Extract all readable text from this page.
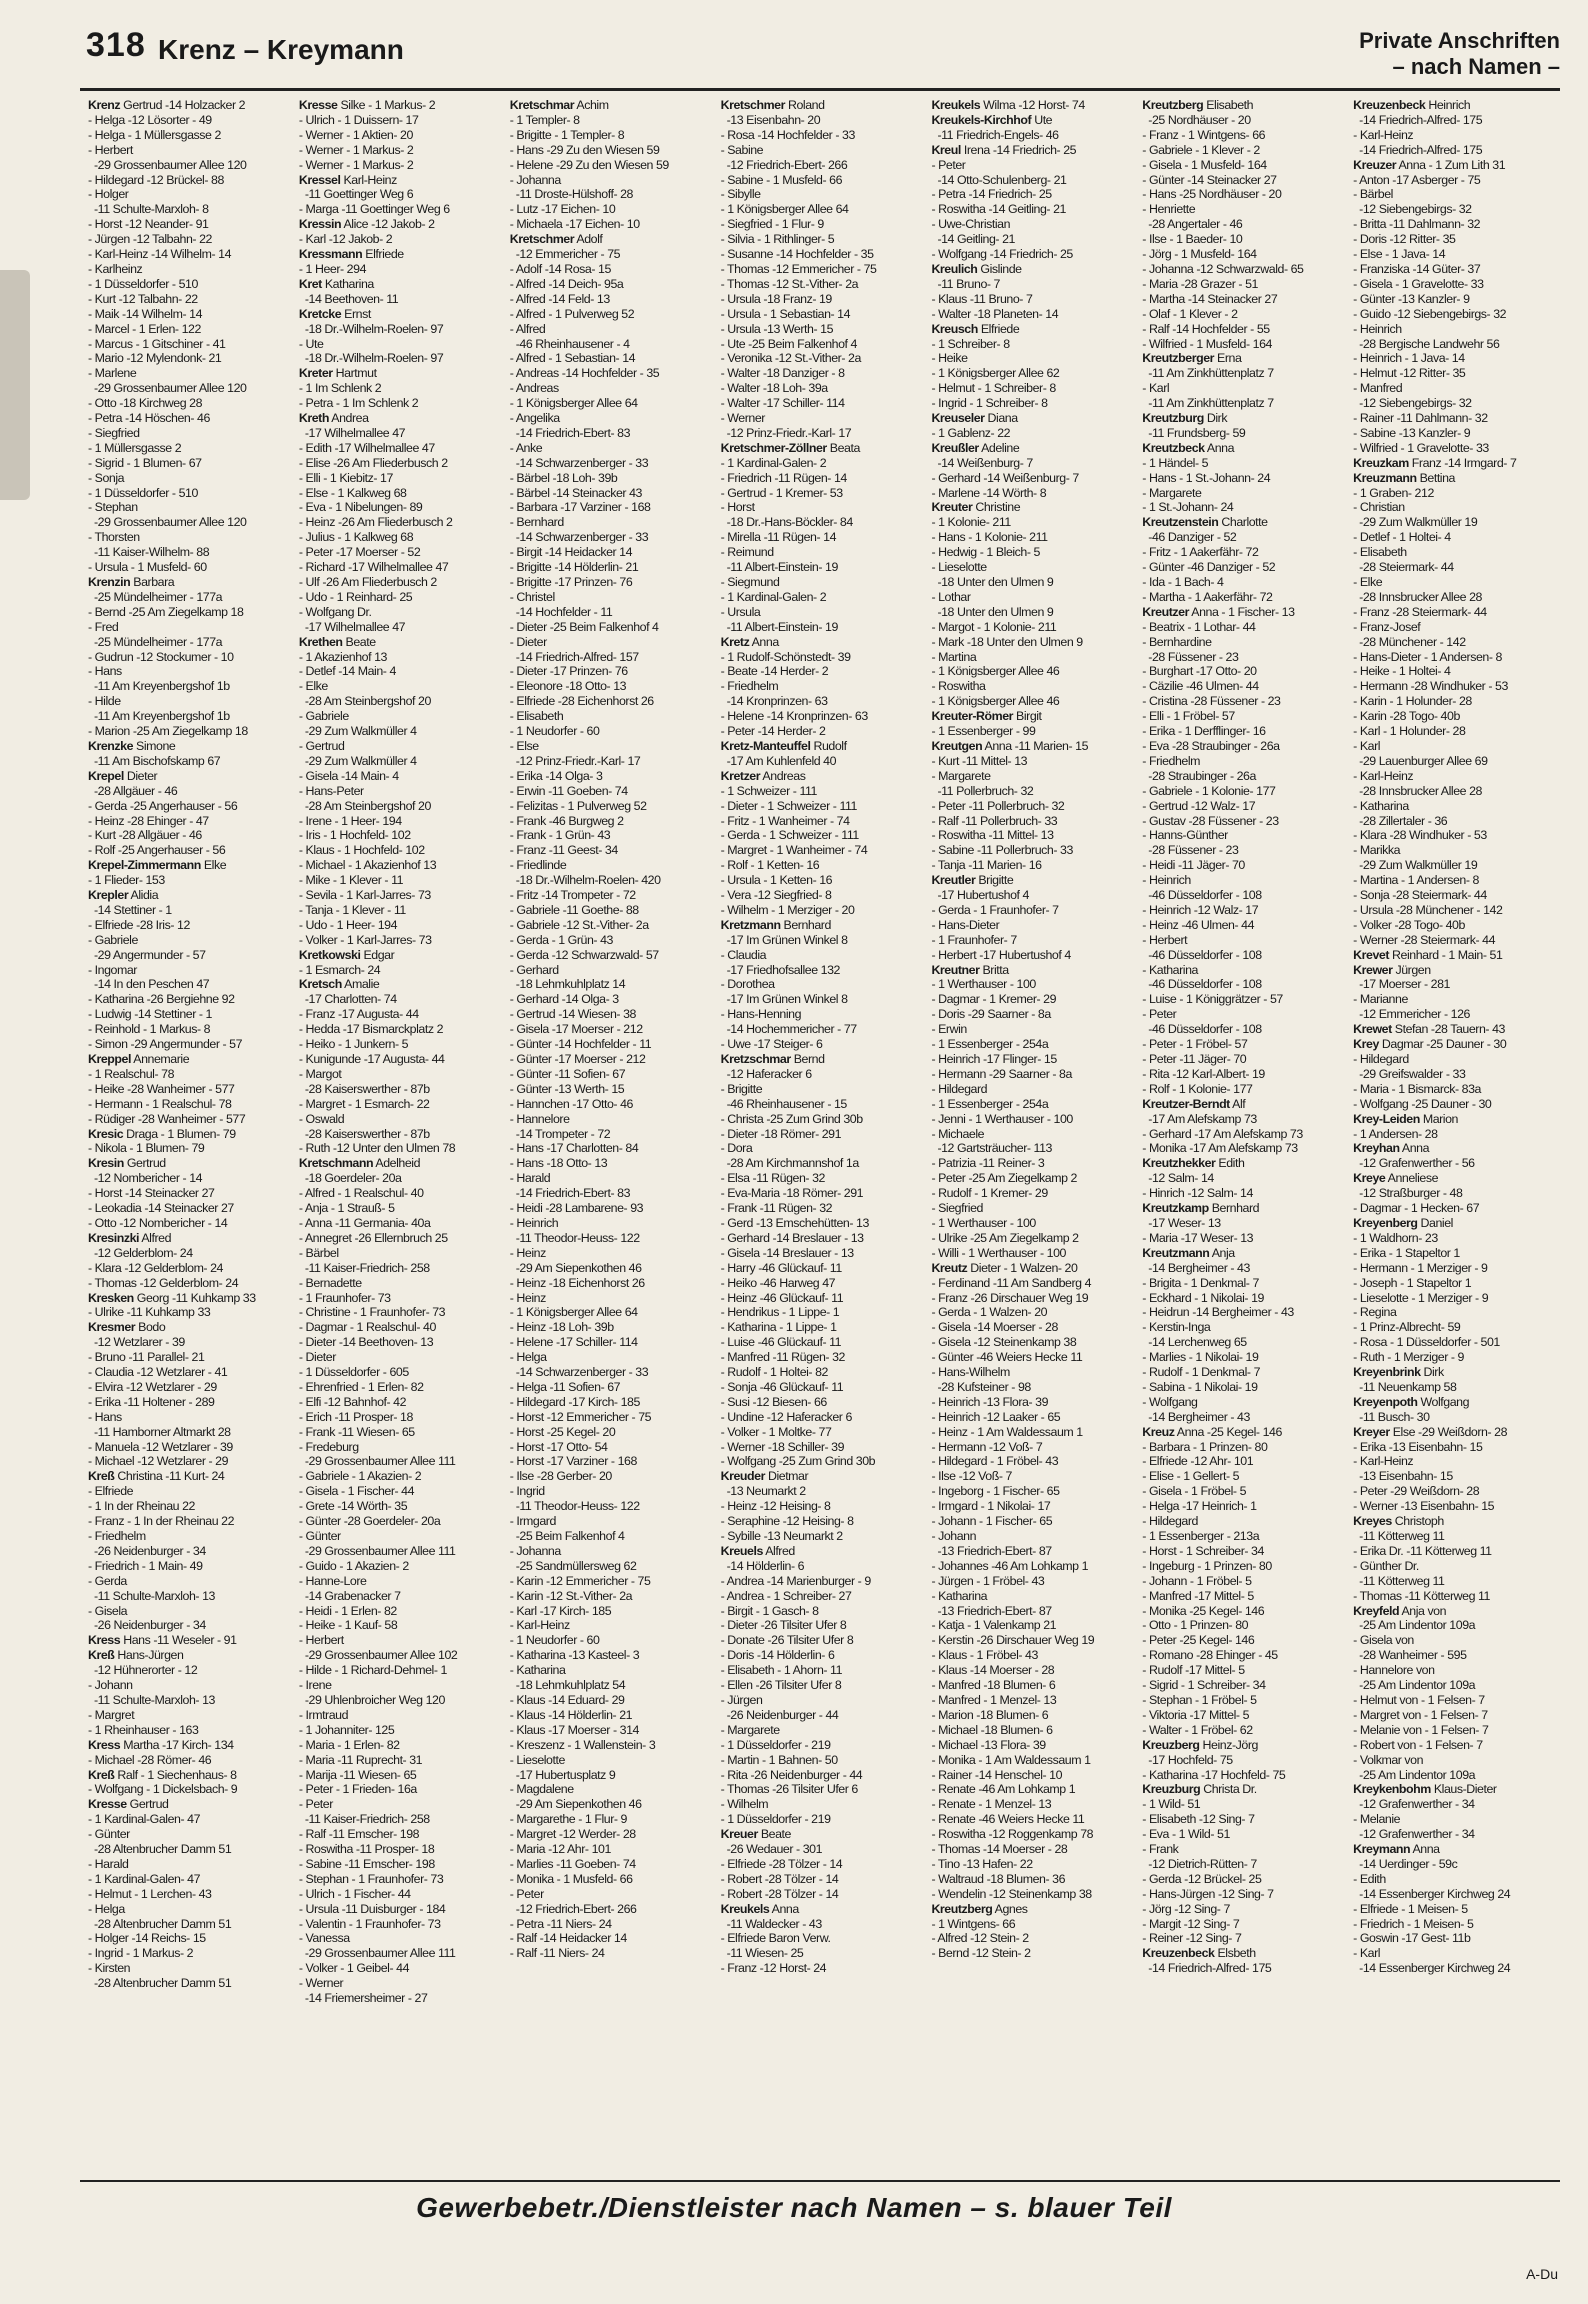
318 Krenz – Kreymann	Private Anschriften
– nach Namen –
Krenz Gertrud -14 Holzacker 2
- Helga -12 Lösorter - 49
- Helga - 1 Müllersgasse 2
- Herbert
-29 Grossenbaumer Allee 120
- Hildegard -12 Brückel- 88
- Holger
-11 Schulte-Marxloh- 8
- Horst -12 Neander- 91
- Jürgen -12 Talbahn- 22
- Karl-Heinz -14 Wilhelm- 14
- Karlheinz
- 1 Düsseldorfer - 510
- Kurt -12 Talbahn- 22
- Maik -14 Wilhelm- 14
- Marcel - 1 Erlen- 122
- Marcus - 1 Gitschiner - 41
- Mario -12 Mylendonk- 21
- Marlene
-29 Grossenbaumer Allee 120
- Otto -18 Kirchweg 28
- Petra -14 Höschen- 46
- Siegfried
- 1 Müllersgasse 2
- Sigrid - 1 Blumen- 67
- Sonja
- 1 Düsseldorfer - 510
- Stephan
-29 Grossenbaumer Allee 120
- Thorsten
-11 Kaiser-Wilhelm- 88
- Ursula - 1 Musfeld- 60
Krenzin Barbara
-25 Mündelheimer - 177a
- Bernd -25 Am Ziegelkamp 18
- Fred
-25 Mündelheimer - 177a
- Gudrun -12 Stockumer - 10
- Hans
-11 Am Kreyenbergshof 1b
- Hilde
-11 Am Kreyenbergshof 1b
- Marion -25 Am Ziegelkamp 18
Krenzke Simone
-11 Am Bischofskamp 67
Krepel Dieter
-28 Allgäuer - 46
- Gerda -25 Angerhauser - 56
- Heinz -28 Ehinger - 47
- Kurt -28 Allgäuer - 46
- Rolf -25 Angerhauser - 56
Krepel-Zimmermann Elke
- 1 Flieder- 153
Krepler Alidia
-14 Stettiner - 1
- Elfriede -28 Iris- 12
- Gabriele
-29 Angermunder - 57
- Ingomar
-14 In den Peschen 47
- Katharina -26 Bergiehne 92
- Ludwig -14 Stettiner - 1
- Reinhold - 1 Markus- 8
- Simon -29 Angermunder - 57
Kreppel Annemarie
- 1 Realschul- 78
- Heike -28 Wanheimer - 577
- Hermann - 1 Realschul- 78
- Rüdiger -28 Wanheimer - 577
Kresic Draga - 1 Blumen- 79
- Nikola - 1 Blumen- 79
Kresin Gertrud
-12 Nombericher - 14
- Horst -14 Steinacker 27
- Leokadia -14 Steinacker 27
- Otto -12 Nombericher - 14
Kresinzki Alfred
-12 Gelderblom- 24
- Klara -12 Gelderblom- 24
- Thomas -12 Gelderblom- 24
Kresken Georg -11 Kuhkamp 33
- Ulrike -11 Kuhkamp 33
Kresmer Bodo
-12 Wetzlarer - 39
- Bruno -11 Parallel- 21
- Claudia -12 Wetzlarer - 41
- Elvira -12 Wetzlarer - 29
- Erika -11 Holtener - 289
- Hans
-11 Hamborner Altmarkt 28
- Manuela -12 Wetzlarer - 39
- Michael -12 Wetzlarer - 29
Kreß Christina -11 Kurt- 24
- Elfriede
- 1 In der Rheinau 22
- Franz - 1 In der Rheinau 22
- Friedhelm
-26 Neidenburger - 34
- Friedrich - 1 Main- 49
- Gerda
-11 Schulte-Marxloh- 13
- Gisela
-26 Neidenburger - 34
Kress Hans -11 Weseler - 91
Kreß Hans-Jürgen
-12 Hühnerorter - 12
- Johann
-11 Schulte-Marxloh- 13
- Margret
- 1 Rheinhauser - 163
Kress Martha -17 Kirch- 134
- Michael -28 Römer- 46
Kreß Ralf - 1 Siechenhaus- 8
- Wolfgang - 1 Dickelsbach- 9
Kresse Gertrud
- 1 Kardinal-Galen- 47
- Günter
-28 Altenbrucher Damm 51
- Harald
- 1 Kardinal-Galen- 47
- Helmut - 1 Lerchen- 43
- Helga
-28 Altenbrucher Damm 51
- Holger -14 Reichs- 15
- Ingrid - 1 Markus- 2
- Kirsten
-28 Altenbrucher Damm 51
Kresse Silke - 1 Markus- 2
- Ulrich - 1 Duissern- 17
- Werner - 1 Aktien- 20
- Werner - 1 Markus- 2
- Werner - 1 Markus- 2
Kressel Karl-Heinz
-11 Goettinger Weg 6
- Marga -11 Goettinger Weg 6
Kressin Alice -12 Jakob- 2
- Karl -12 Jakob- 2
Kressmann Elfriede
- 1 Heer- 294
Kret Katharina
-14 Beethoven- 11
Kretcke Ernst
-18 Dr.-Wilhelm-Roelen- 97
- Ute
-18 Dr.-Wilhelm-Roelen- 97
Kreter Hartmut
- 1 Im Schlenk 2
- Petra - 1 Im Schlenk 2
Kreth Andrea
-17 Wilhelmallee 47
- Edith -17 Wilhelmallee 47
- Elise -26 Am Fliederbusch 2
- Elli - 1 Kiebitz- 17
- Else - 1 Kalkweg 68
- Eva - 1 Nibelungen- 89
- Heinz -26 Am Fliederbusch 2
- Julius - 1 Kalkweg 68
- Peter -17 Moerser - 52
- Richard -17 Wilhelmallee 47
- Ulf -26 Am Fliederbusch 2
- Udo - 1 Reinhard- 25
- Wolfgang Dr.
-17 Wilhelmallee 47
Krethen Beate
- 1 Akazienhof 13
- Detlef -14 Main- 4
- Elke
-28 Am Steinbergshof 20
- Gabriele
-29 Zum Walkmüller 4
- Gertrud
-29 Zum Walkmüller 4
- Gisela -14 Main- 4
- Hans-Peter
-28 Am Steinbergshof 20
- Irene - 1 Heer- 194
- Iris - 1 Hochfeld- 102
- Klaus - 1 Hochfeld- 102
- Michael - 1 Akazienhof 13
- Mike - 1 Klever - 11
- Sevila - 1 Karl-Jarres- 73
- Tanja - 1 Klever - 11
- Udo - 1 Heer- 194
- Volker - 1 Karl-Jarres- 73
Kretkowski Edgar
- 1 Esmarch- 24
Kretsch Amalie
-17 Charlotten- 74
- Franz -17 Augusta- 44
- Hedda -17 Bismarckplatz 2
- Heiko - 1 Junkern- 5
- Kunigunde -17 Augusta- 44
- Margot
-28 Kaiserswerther - 87b
- Margret - 1 Esmarch- 22
- Oswald
-28 Kaiserswerther - 87b
- Ruth -12 Unter den Ulmen 78
Kretschmann Adelheid
-18 Goerdeler- 20a
- Alfred - 1 Realschul- 40
- Anja - 1 Strauß- 5
- Anna -11 Germania- 40a
- Annegret -26 Ellernbruch 25
- Bärbel
-11 Kaiser-Friedrich- 258
- Bernadette
- 1 Fraunhofer- 73
- Christine - 1 Fraunhofer- 73
- Dagmar - 1 Realschul- 40
- Dieter -14 Beethoven- 13
- Dieter
- 1 Düsseldorfer - 605
- Ehrenfried - 1 Erlen- 82
- Elfi -12 Bahnhof- 42
- Erich -11 Prosper- 18
- Frank -11 Wiesen- 65
- Fredeburg
-29 Grossenbaumer Allee 111
- Gabriele - 1 Akazien- 2
- Gisela - 1 Fischer- 44
- Grete -14 Wörth- 35
- Günter -28 Goerdeler- 20a
- Günter
-29 Grossenbaumer Allee 111
- Guido - 1 Akazien- 2
- Hanne-Lore
-14 Grabenacker 7
- Heidi - 1 Erlen- 82
- Heike - 1 Kauf- 58
- Herbert
-29 Grossenbaumer Allee 102
- Hilde - 1 Richard-Dehmel- 1
- Irene
-29 Uhlenbroicher Weg 120
- Irmtraud
- 1 Johanniter- 125
- Maria - 1 Erlen- 82
- Maria -11 Ruprecht- 31
- Marija -11 Wiesen- 65
- Peter - 1 Frieden- 16a
- Peter
-11 Kaiser-Friedrich- 258
- Ralf -11 Emscher- 198
- Roswitha -11 Prosper- 18
- Sabine -11 Emscher- 198
- Stephan - 1 Fraunhofer- 73
- Ulrich - 1 Fischer- 44
- Ursula -11 Duisburger - 184
- Valentin - 1 Fraunhofer- 73
- Vanessa
-29 Grossenbaumer Allee 111
- Volker - 1 Geibel- 44
- Werner
-14 Friemersheimer - 27
Kretschmar Achim
- 1 Templer- 8
- Brigitte - 1 Templer- 8
- Hans -29 Zu den Wiesen 59
- Helene -29 Zu den Wiesen 59
- Johanna
-11 Droste-Hülshoff- 28
- Lutz -17 Eichen- 10
- Michaela -17 Eichen- 10
Kretschmer Adolf
-12 Emmericher - 75
- Adolf -14 Rosa- 15
- Alfred -14 Deich- 95a
- Alfred -14 Feld- 13
- Alfred - 1 Pulverweg 52
- Alfred
-46 Rheinhausener - 4
- Alfred - 1 Sebastian- 14
- Andreas -14 Hochfelder - 35
- Andreas
- 1 Königsberger Allee 64
- Angelika
-14 Friedrich-Ebert- 83
- Anke
-14 Schwarzenberger - 33
- Bärbel -18 Loh- 39b
- Bärbel -14 Steinacker 43
- Barbara -17 Varziner - 168
- Bernhard
-14 Schwarzenberger - 33
- Birgit -14 Heidacker 14
- Brigitte -14 Hölderlin- 21
- Brigitte -17 Prinzen- 76
- Christel
-14 Hochfelder - 11
- Dieter -25 Beim Falkenhof 4
- Dieter
-14 Friedrich-Alfred- 157
- Dieter -17 Prinzen- 76
- Eleonore -18 Otto- 13
- Elfriede -28 Eichenhorst 26
- Elisabeth
- 1 Neudorfer - 60
- Else
-12 Prinz-Friedr.-Karl- 17
- Erika -14 Olga- 3
- Erwin -11 Goeben- 74
- Felizitas - 1 Pulverweg 52
- Frank -46 Burgweg 2
- Frank - 1 Grün- 43
- Franz -11 Geest- 34
- Friedlinde
-18 Dr.-Wilhelm-Roelen- 420
- Fritz -14 Trompeter - 72
- Gabriele -11 Goethe- 88
- Gabriele -12 St.-Vither- 2a
- Gerda - 1 Grün- 43
- Gerda -12 Schwarzwald- 57
- Gerhard
-18 Lehmkuhlplatz 14
- Gerhard -14 Olga- 3
- Gertrud -14 Wiesen- 38
- Gisela -17 Moerser - 212
- Günter -14 Hochfelder - 11
- Günter -17 Moerser - 212
- Günter -11 Sofien- 67
- Günter -13 Werth- 15
- Hannchen -17 Otto- 46
- Hannelore
-14 Trompeter - 72
- Hans -17 Charlotten- 84
- Hans -18 Otto- 13
- Harald
-14 Friedrich-Ebert- 83
- Heidi -28 Lambarene- 93
- Heinrich
-11 Theodor-Heuss- 122
- Heinz
-29 Am Siepenkothen 46
- Heinz -18 Eichenhorst 26
- Heinz
- 1 Königsberger Allee 64
- Heinz -18 Loh- 39b
- Helene -17 Schiller- 114
- Helga
-14 Schwarzenberger - 33
- Helga -11 Sofien- 67
- Hildegard -17 Kirch- 185
- Horst -12 Emmericher - 75
- Horst -25 Kegel- 20
- Horst -17 Otto- 54
- Horst -17 Varziner - 168
- Ilse -28 Gerber- 20
- Ingrid
-11 Theodor-Heuss- 122
- Irmgard
-25 Beim Falkenhof 4
- Johanna
-25 Sandmüllersweg 62
- Karin -12 Emmericher - 75
- Karin -12 St.-Vither- 2a
- Karl -17 Kirch- 185
- Karl-Heinz
- 1 Neudorfer - 60
- Katharina -13 Kasteel- 3
- Katharina
-18 Lehmkuhlplatz 54
- Klaus -14 Eduard- 29
- Klaus -14 Hölderlin- 21
- Klaus -17 Moerser - 314
- Kreszenz - 1 Wallenstein- 3
- Lieselotte
-17 Hubertusplatz 9
- Magdalene
-29 Am Siepenkothen 46
- Margarethe - 1 Flur- 9
- Margret -12 Werder- 28
- Maria -12 Ahr- 101
- Marlies -11 Goeben- 74
- Monika - 1 Musfeld- 66
- Peter
-12 Friedrich-Ebert- 266
- Petra -11 Niers- 24
- Ralf -14 Heidacker 14
- Ralf -11 Niers- 24
Kretschmer Roland
-13 Eisenbahn- 20
- Rosa -14 Hochfelder - 33
- Sabine
-12 Friedrich-Ebert- 266
- Sabine - 1 Musfeld- 66
- Sibylle
- 1 Königsberger Allee 64
- Siegfried - 1 Flur- 9
- Silvia - 1 Rithlinger- 5
- Susanne -14 Hochfelder - 35
- Thomas -12 Emmericher - 75
- Thomas -12 St.-Vither- 2a
- Ursula -18 Franz- 19
- Ursula - 1 Sebastian- 14
- Ursula -13 Werth- 15
- Ute -25 Beim Falkenhof 4
- Veronika -12 St.-Vither- 2a
- Walter -18 Danziger - 8
- Walter -18 Loh- 39a
- Walter -17 Schiller- 114
- Werner
-12 Prinz-Friedr.-Karl- 17
Kretschmer-Zöllner Beata
- 1 Kardinal-Galen- 2
- Friedrich -11 Rügen- 14
- Gertrud - 1 Kremer- 53
- Horst
-18 Dr.-Hans-Böckler- 84
- Mirella -11 Rügen- 14
- Reimund
-11 Albert-Einstein- 19
- Siegmund
- 1 Kardinal-Galen- 2
- Ursula
-11 Albert-Einstein- 19
Kretz Anna
- 1 Rudolf-Schönstedt- 39
- Beate -14 Herder- 2
- Friedhelm
-14 Kronprinzen- 63
- Helene -14 Kronprinzen- 63
- Peter -14 Herder- 2
Kretz-Manteuffel Rudolf
-17 Am Kuhlenfeld 40
Kretzer Andreas
- 1 Schweizer - 111
- Dieter - 1 Schweizer - 111
- Fritz - 1 Wanheimer - 74
- Gerda - 1 Schweizer - 111
- Margret - 1 Wanheimer - 74
- Rolf - 1 Ketten- 16
- Ursula - 1 Ketten- 16
- Vera -12 Siegfried- 8
- Wilhelm - 1 Merziger - 20
Kretzmann Bernhard
-17 Im Grünen Winkel 8
- Claudia
-17 Friedhofsallee 132
- Dorothea
-17 Im Grünen Winkel 8
- Hans-Henning
-14 Hochemmericher - 77
- Uwe -17 Steiger- 6
Kretzschmar Bernd
-12 Haferacker 6
- Brigitte
-46 Rheinhausener - 15
- Christa -25 Zum Grind 30b
- Dieter -18 Römer- 291
- Dora
-28 Am Kirchmannshof 1a
- Elsa -11 Rügen- 32
- Eva-Maria -18 Römer- 291
- Frank -11 Rügen- 32
- Gerd -13 Emschehütten- 13
- Gerhard -14 Breslauer - 13
- Gisela -14 Breslauer - 13
- Harry -46 Glückauf- 11
- Heiko -46 Harweg 47
- Heinz -46 Glückauf- 11
- Hendrikus - 1 Lippe- 1
- Katharina - 1 Lippe- 1
- Luise -46 Glückauf- 11
- Manfred -11 Rügen- 32
- Rudolf - 1 Holtei- 82
- Sonja -46 Glückauf- 11
- Susi -12 Biesen- 66
- Undine -12 Haferacker 6
- Volker - 1 Moltke- 77
- Werner -18 Schiller- 39
- Wolfgang -25 Zum Grind 30b
Kreuder Dietmar
-13 Neumarkt 2
- Heinz -12 Heising- 8
- Seraphine -12 Heising- 8
- Sybille -13 Neumarkt 2
Kreuels Alfred
-14 Hölderlin- 6
- Andrea -14 Marienburger - 9
- Andrea - 1 Schreiber- 27
- Birgit - 1 Gasch- 8
- Dieter -26 Tilsiter Ufer 8
- Donate -26 Tilsiter Ufer 8
- Doris -14 Hölderlin- 6
- Elisabeth - 1 Ahorn- 11
- Ellen -26 Tilsiter Ufer 8
- Jürgen
-26 Neidenburger - 44
- Margarete
- 1 Düsseldorfer - 219
- Martin - 1 Bahnen- 50
- Rita -26 Neidenburger - 44
- Thomas -26 Tilsiter Ufer 6
- Wilhelm
- 1 Düsseldorfer - 219
Kreuer Beate
-26 Wedauer - 301
- Elfriede -28 Tölzer - 14
- Robert -28 Tölzer - 14
- Robert -28 Tölzer - 14
Kreukels Anna
-11 Waldecker - 43
- Elfriede Baron Verw.
-11 Wiesen- 25
- Franz -12 Horst- 24
Kreukels Wilma -12 Horst- 74
Kreukels-Kirchhof Ute
-11 Friedrich-Engels- 46
Kreul Irena -14 Friedrich- 25
- Peter
-14 Otto-Schulenberg- 21
- Petra -14 Friedrich- 25
- Roswitha -14 Geitling- 21
- Uwe-Christian
-14 Geitling- 21
- Wolfgang -14 Friedrich- 25
Kreulich Gislinde
-11 Bruno- 7
- Klaus -11 Bruno- 7
- Walter -18 Planeten- 14
Kreusch Elfriede
- 1 Schreiber- 8
- Heike
- 1 Königsberger Allee 62
- Helmut - 1 Schreiber- 8
- Ingrid - 1 Schreiber- 8
Kreuseler Diana
- 1 Gablenz- 22
Kreußler Adeline
-14 Weißenburg- 7
- Gerhard -14 Weißenburg- 7
- Marlene -14 Wörth- 8
Kreuter Christine
- 1 Kolonie- 211
- Hans - 1 Kolonie- 211
- Hedwig - 1 Bleich- 5
- Lieselotte
-18 Unter den Ulmen 9
- Lothar
-18 Unter den Ulmen 9
- Margot - 1 Kolonie- 211
- Mark -18 Unter den Ulmen 9
- Martina
- 1 Königsberger Allee 46
- Roswitha
- 1 Königsberger Allee 46
Kreuter-Römer Birgit
- 1 Essenberger - 99
Kreutgen Anna -11 Marien- 15
- Kurt -11 Mittel- 13
- Margarete
-11 Pollerbruch- 32
- Peter -11 Pollerbruch- 32
- Ralf -11 Pollerbruch- 33
- Roswitha -11 Mittel- 13
- Sabine -11 Pollerbruch- 33
- Tanja -11 Marien- 16
Kreutler Brigitte
-17 Hubertushof 4
- Gerda - 1 Fraunhofer- 7
- Hans-Dieter
- 1 Fraunhofer- 7
- Herbert -17 Hubertushof 4
Kreutner Britta
- 1 Werthauser - 100
- Dagmar - 1 Kremer- 29
- Doris -29 Saarner - 8a
- Erwin
- 1 Essenberger - 254a
- Heinrich -17 Flinger- 15
- Hermann -29 Saarner - 8a
- Hildegard
- 1 Essenberger - 254a
- Jenni - 1 Werthauser - 100
- Michaele
-12 Gartsträucher- 113
- Patrizia -11 Reiner- 3
- Peter -25 Am Ziegelkamp 2
- Rudolf - 1 Kremer- 29
- Siegfried
- 1 Werthauser - 100
- Ulrike -25 Am Ziegelkamp 2
- Willi - 1 Werthauser - 100
Kreutz Dieter - 1 Walzen- 20
- Ferdinand -11 Am Sandberg 4
- Franz -26 Dirschauer Weg 19
- Gerda - 1 Walzen- 20
- Gisela -14 Moerser - 28
- Gisela -12 Steinenkamp 38
- Günter -46 Weiers Hecke 11
- Hans-Wilhelm
-28 Kufsteiner - 98
- Heinrich -13 Flora- 39
- Heinrich -12 Laaker - 65
- Heinz - 1 Am Waldessaum 1
- Hermann -12 Voß- 7
- Hildegard - 1 Fröbel- 43
- Ilse -12 Voß- 7
- Ingeborg - 1 Fischer- 65
- Irmgard - 1 Nikolai- 17
- Johann - 1 Fischer- 65
- Johann
-13 Friedrich-Ebert- 87
- Johannes -46 Am Lohkamp 1
- Jürgen - 1 Fröbel- 43
- Katharina
-13 Friedrich-Ebert- 87
- Katja - 1 Valenkamp 21
- Kerstin -26 Dirschauer Weg 19
- Klaus - 1 Fröbel- 43
- Klaus -14 Moerser - 28
- Manfred -18 Blumen- 6
- Manfred - 1 Menzel- 13
- Marion -18 Blumen- 6
- Michael -18 Blumen- 6
- Michael -13 Flora- 39
- Monika - 1 Am Waldessaum 1
- Rainer -14 Henschel- 10
- Renate -46 Am Lohkamp 1
- Renate - 1 Menzel- 13
- Renate -46 Weiers Hecke 11
- Roswitha -12 Roggenkamp 78
- Thomas -14 Moerser - 28
- Tino -13 Hafen- 22
- Waltraud -18 Blumen- 36
- Wendelin -12 Steinenkamp 38
Kreutzberg Agnes
- 1 Wintgens- 66
- Alfred -12 Stein- 2
- Bernd -12 Stein- 2
Kreutzberg Elisabeth
-25 Nordhäuser - 20
- Franz - 1 Wintgens- 66
- Gabriele - 1 Klever - 2
- Gisela - 1 Musfeld- 164
- Günter -14 Steinacker 27
- Hans -25 Nordhäuser - 20
- Henriette
-28 Angertaler - 46
- Ilse - 1 Baeder- 10
- Jörg - 1 Musfeld- 164
- Johanna -12 Schwarzwald- 65
- Maria -28 Grazer - 51
- Martha -14 Steinacker 27
- Olaf - 1 Klever - 2
- Ralf -14 Hochfelder - 55
- Wilfried - 1 Musfeld- 164
Kreutzberger Erna
-11 Am Zinkhüttenplatz 7
- Karl
-11 Am Zinkhüttenplatz 7
Kreutzburg Dirk
-11 Frundsberg- 59
Kreutzbeck Anna
- 1 Händel- 5
- Hans - 1 St.-Johann- 24
- Margarete
- 1 St.-Johann- 24
Kreutzenstein Charlotte
-46 Danziger - 52
- Fritz - 1 Aakerfähr- 72
- Günter -46 Danziger - 52
- Ida - 1 Bach- 4
- Martha - 1 Aakerfähr- 72
Kreutzer Anna - 1 Fischer- 13
- Beatrix - 1 Lothar- 44
- Bernhardine
-28 Füssener - 23
- Burghart -17 Otto- 20
- Cäzilie -46 Ulmen- 44
- Cristina -28 Füssener - 23
- Elli - 1 Fröbel- 57
- Erika - 1 Derfflinger- 16
- Eva -28 Straubinger - 26a
- Friedhelm
-28 Straubinger - 26a
- Gabriele - 1 Kolonie- 177
- Gertrud -12 Walz- 17
- Gustav -28 Füssener - 23
- Hanns-Günther
-28 Füssener - 23
- Heidi -11 Jäger- 70
- Heinrich
-46 Düsseldorfer - 108
- Heinrich -12 Walz- 17
- Heinz -46 Ulmen- 44
- Herbert
-46 Düsseldorfer - 108
- Katharina
-46 Düsseldorfer - 108
- Luise - 1 Königgrätzer - 57
- Peter
-46 Düsseldorfer - 108
- Peter - 1 Fröbel- 57
- Peter -11 Jäger- 70
- Rita -12 Karl-Albert- 19
- Rolf - 1 Kolonie- 177
Kreutzer-Berndt Alf
-17 Am Alefskamp 73
- Gerhard -17 Am Alefskamp 73
- Monika -17 Am Alefskamp 73
Kreutzhekker Edith
-12 Salm- 14
- Hinrich -12 Salm- 14
Kreutzkamp Bernhard
-17 Weser- 13
- Maria -17 Weser- 13
Kreutzmann Anja
-14 Bergheimer - 43
- Brigita - 1 Denkmal- 7
- Eckhard - 1 Nikolai- 19
- Heidrun -14 Bergheimer - 43
- Kerstin-Inga
-14 Lerchenweg 65
- Marlies - 1 Nikolai- 19
- Rudolf - 1 Denkmal- 7
- Sabina - 1 Nikolai- 19
- Wolfgang
-14 Bergheimer - 43
Kreuz Anna -25 Kegel- 146
- Barbara - 1 Prinzen- 80
- Elfriede -12 Ahr- 101
- Elise - 1 Gellert- 5
- Gisela - 1 Fröbel- 5
- Helga -17 Heinrich- 1
- Hildegard
- 1 Essenberger - 213a
- Horst - 1 Schreiber- 34
- Ingeburg - 1 Prinzen- 80
- Johann - 1 Fröbel- 5
- Manfred -17 Mittel- 5
- Monika -25 Kegel- 146
- Otto - 1 Prinzen- 80
- Peter -25 Kegel- 146
- Romano -28 Ehinger - 45
- Rudolf -17 Mittel- 5
- Sigrid - 1 Schreiber- 34
- Stephan - 1 Fröbel- 5
- Viktoria -17 Mittel- 5
- Walter - 1 Fröbel- 62
Kreuzberg Heinz-Jörg
-17 Hochfeld- 75
- Katharina -17 Hochfeld- 75
Kreuzburg Christa Dr.
- 1 Wild- 51
- Elisabeth -12 Sing- 7
- Eva - 1 Wild- 51
- Frank
-12 Dietrich-Rütten- 7
- Gerda -12 Brückel- 25
- Hans-Jürgen -12 Sing- 7
- Jörg -12 Sing- 7
- Margit -12 Sing- 7
- Reiner -12 Sing- 7
Kreuzenbeck Elsbeth
-14 Friedrich-Alfred- 175
Kreuzenbeck Heinrich
-14 Friedrich-Alfred- 175
- Karl-Heinz
-14 Friedrich-Alfred- 175
Kreuzer Anna - 1 Zum Lith 31
- Anton -17 Asberger - 75
- Bärbel
-12 Siebengebirgs- 32
- Britta -11 Dahlmann- 32
- Doris -12 Ritter- 35
- Else - 1 Java- 14
- Franziska -14 Güter- 37
- Gisela - 1 Gravelotte- 33
- Günter -13 Kanzler- 9
- Guido -12 Siebengebirgs- 32
- Heinrich
-28 Bergische Landwehr 56
- Heinrich - 1 Java- 14
- Helmut -12 Ritter- 35
- Manfred
-12 Siebengebirgs- 32
- Rainer -11 Dahlmann- 32
- Sabine -13 Kanzler- 9
- Wilfried - 1 Gravelotte- 33
Kreuzkam Franz -14 Irmgard- 7
Kreuzmann Bettina
- 1 Graben- 212
- Christian
-29 Zum Walkmüller 19
- Detlef - 1 Holtei- 4
- Elisabeth
-28 Steiermark- 44
- Elke
-28 Innsbrucker Allee 28
- Franz -28 Steiermark- 44
- Franz-Josef
-28 Münchener - 142
- Hans-Dieter - 1 Andersen- 8
- Heike - 1 Holtei- 4
- Hermann -28 Windhuker - 53
- Karin - 1 Holunder- 28
- Karin -28 Togo- 40b
- Karl - 1 Holunder- 28
- Karl
-29 Lauenburger Allee 69
- Karl-Heinz
-28 Innsbrucker Allee 28
- Katharina
-28 Zillertaler - 36
- Klara -28 Windhuker - 53
- Marikka
-29 Zum Walkmüller 19
- Martina - 1 Andersen- 8
- Sonja -28 Steiermark- 44
- Ursula -28 Münchener - 142
- Volker -28 Togo- 40b
- Werner -28 Steiermark- 44
Krevet Reinhard - 1 Main- 51
Krewer Jürgen
-17 Moerser - 281
- Marianne
-12 Emmericher - 126
Krewet Stefan -28 Tauern- 43
Krey Dagmar -25 Dauner - 30
- Hildegard
-29 Greifswalder - 33
- Maria - 1 Bismarck- 83a
- Wolfgang -25 Dauner - 30
Krey-Leiden Marion
- 1 Andersen- 28
Kreyhan Anna
-12 Grafenwerther - 56
Kreye Anneliese
-12 Straßburger - 48
- Dagmar - 1 Hecken- 67
Kreyenberg Daniel
- 1 Waldhorn- 23
- Erika - 1 Stapeltor 1
- Hermann - 1 Merziger - 9
- Joseph - 1 Stapeltor 1
- Lieselotte - 1 Merziger - 9
- Regina
- 1 Prinz-Albrecht- 59
- Rosa - 1 Düsseldorfer - 501
- Ruth - 1 Merziger - 9
Kreyenbrink Dirk
-11 Neuenkamp 58
Kreyenpoth Wolfgang
-11 Busch- 30
Kreyer Else -29 Weißdorn- 28
- Erika -13 Eisenbahn- 15
- Karl-Heinz
-13 Eisenbahn- 15
- Peter -29 Weißdorn- 28
- Werner -13 Eisenbahn- 15
Kreyes Christoph
-11 Kötterweg 11
- Erika Dr. -11 Kötterweg 11
- Günther Dr.
-11 Kötterweg 11
- Thomas -11 Kötterweg 11
Kreyfeld Anja von
-25 Am Lindentor 109a
- Gisela von
-28 Wanheimer - 595
- Hannelore von
-25 Am Lindentor 109a
- Helmut von - 1 Felsen- 7
- Margret von - 1 Felsen- 7
- Melanie von - 1 Felsen- 7
- Robert von - 1 Felsen- 7
- Volkmar von
-25 Am Lindentor 109a
Kreykenbohm Klaus-Dieter
-12 Grafenwerther - 34
- Melanie
-12 Grafenwerther - 34
Kreymann Anna
-14 Uerdinger - 59c
- Edith
-14 Essenberger Kirchweg 24
- Elfriede - 1 Meisen- 5
- Friedrich - 1 Meisen- 5
- Goswin -17 Gest- 11b
- Karl
-14 Essenberger Kirchweg 24
Gewerbebetr./Dienstleister nach Namen – s. blauer Teil
A-Du
